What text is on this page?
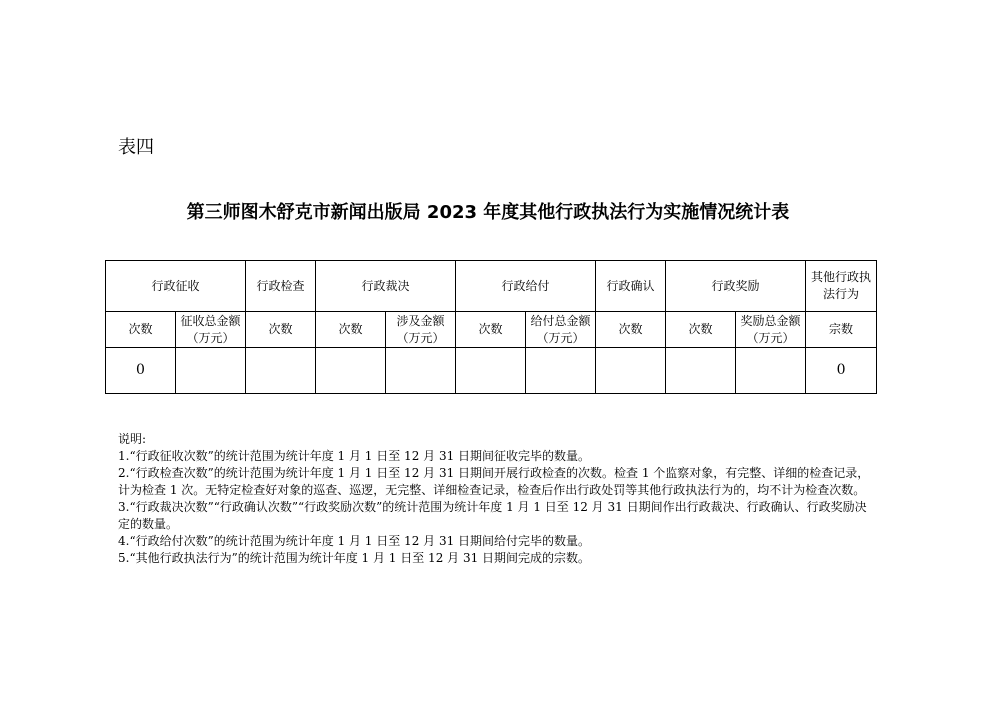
表四
第三师图木舒克市新闻出版局 2023 年度其他行政执法行为实施情况统计表
行政征收		行政检查	行政裁决		行政给付		行政确认	行政奖励		其他行政执法行为
次数	征收总金额（万元）	次数	次数	涉及金额（万元）	次数	给付总金额（万元）	次数	次数	奖励总金额（万元）	宗数
0										0
说明:
1.“行政征收次数”的统计范围为统计年度 1 月 1 日至 12 月 31 日期间征收完毕的数量。
2.“行政检查次数”的统计范围为统计年度 1 月 1 日至 12 月 31 日期间开展行政检查的次数。检查 1 个监察对象，有完整、详细的检查记录，计为检查 1 次。无特定检查好对象的巡查、巡逻，无完整、详细检查记录，检查后作出行政处罚等其他行政执法行为的，均不计为检查次数。
3.“行政裁决次数”“行政确认次数”“行政奖励次数”的统计范围为统计年度 1 月 1 日至 12 月 31 日期间作出行政裁决、行政确认、行政奖励决定的数量。
4.“行政给付次数”的统计范围为统计年度 1 月 1 日至 12 月 31 日期间给付完毕的数量。
5.“其他行政执法行为”的统计范围为统计年度 1 月 1 日至 12 月 31 日期间完成的宗数。
